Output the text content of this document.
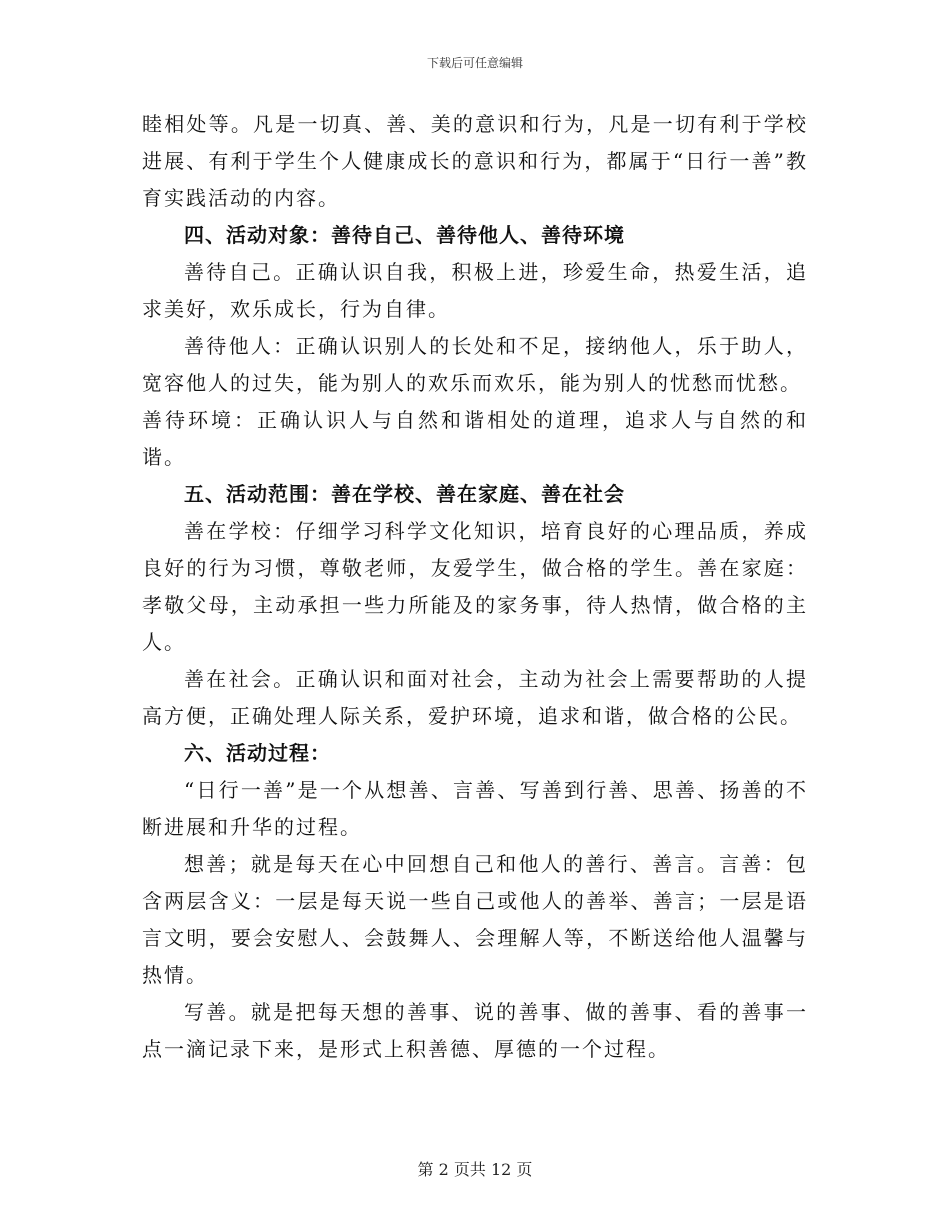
下载后可任意编辑

睦相处等。凡是一切真、善、美的意识和行为，凡是一切有利于学校进展、有利于学生个人健康成长的意识和行为，都属于“日行一善”教育实践活动的内容。

四、活动对象：善待自己、善待他人、善待环境

善待自己。正确认识自我，积极上进，珍爱生命，热爱生活，追求美好，欢乐成长，行为自律。

善待他人：正确认识别人的长处和不足，接纳他人，乐于助人，宽容他人的过失，能为别人的欢乐而欢乐，能为别人的忧愁而忧愁。

善待环境：正确认识人与自然和谐相处的道理，追求人与自然的和谐。

五、活动范围：善在学校、善在家庭、善在社会

善在学校：仔细学习科学文化知识，培育良好的心理品质，养成良好的行为习惯，尊敬老师，友爱学生，做合格的学生。善在家庭：孝敬父母，主动承担一些力所能及的家务事，待人热情，做合格的主人。

善在社会。正确认识和面对社会，主动为社会上需要帮助的人提高方便，正确处理人际关系，爱护环境，追求和谐，做合格的公民。

六、活动过程：

“日行一善”是一个从想善、言善、写善到行善、思善、扬善的不断进展和升华的过程。

想善；就是每天在心中回想自己和他人的善行、善言。言善：包含两层含义：一层是每天说一些自己或他人的善举、善言；一层是语言文明，要会安慰人、会鼓舞人、会理解人等，不断送给他人温馨与热情。

写善。就是把每天想的善事、说的善事、做的善事、看的善事一点一滴记录下来，是形式上积善德、厚德的一个过程。

第 2 页共 12 页
